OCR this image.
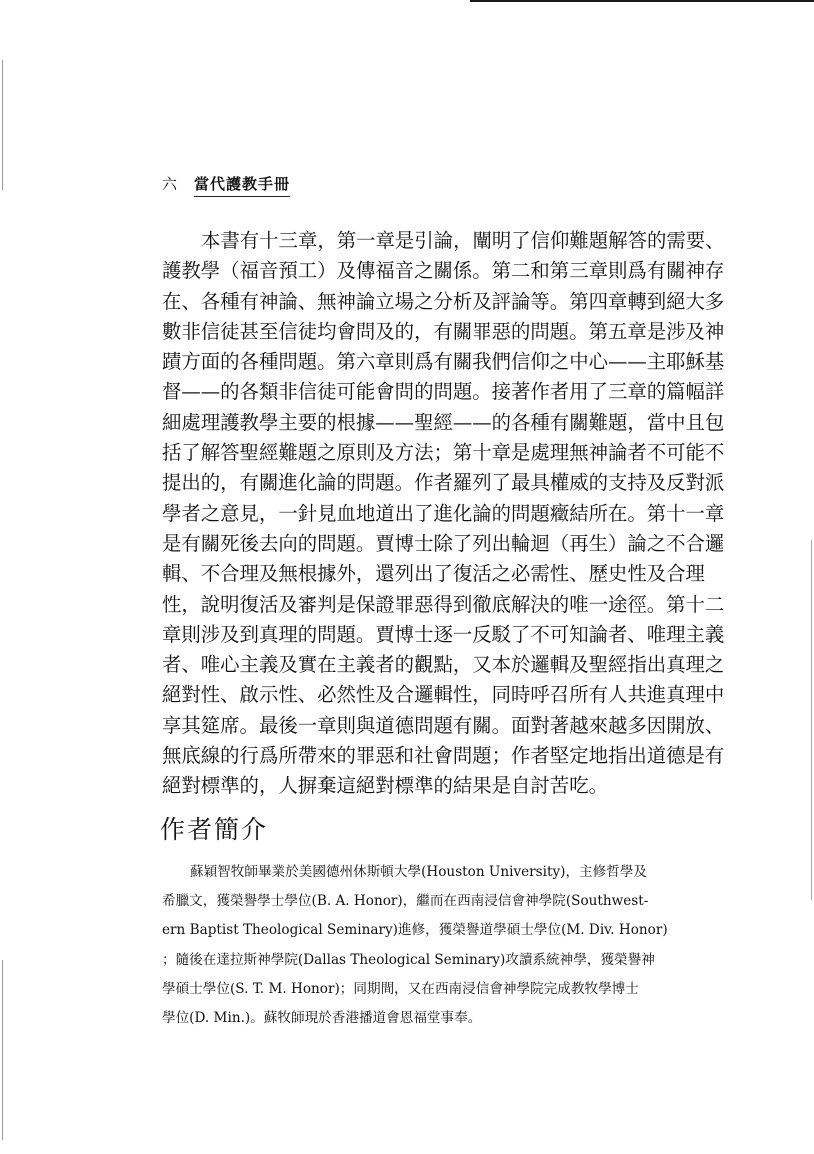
六 當代護教手冊
本書有十三章，第一章是引論，闡明了信仰難題解答的需要、
護教學（福音預工）及傳福音之關係。第二和第三章則爲有關神存
在、各種有神論、無神論立場之分析及評論等。第四章轉到絕大多
數非信徒甚至信徒均會問及的，有關罪惡的問題。第五章是涉及神
蹟方面的各種問題。第六章則爲有關我們信仰之中心——主耶穌基
督——的各類非信徒可能會問的問題。接著作者用了三章的篇幅詳
細處理護教學主要的根據——聖經——的各種有關難題，當中且包
括了解答聖經難題之原則及方法；第十章是處理無神論者不可能不
提出的，有關進化論的問題。作者羅列了最具權威的支持及反對派
學者之意見，一針見血地道出了進化論的問題癥結所在。第十一章
是有關死後去向的問題。賈博士除了列出輪迴（再生）論之不合邏
輯、不合理及無根據外，還列出了復活之必需性、歷史性及合理
性，說明復活及審判是保證罪惡得到徹底解決的唯一途徑。第十二
章則涉及到真理的問題。賈博士逐一反駁了不可知論者、唯理主義
者、唯心主義及實在主義者的觀點，又本於邏輯及聖經指出真理之
絕對性、啟示性、必然性及合邏輯性，同時呼召所有人共進真理中
享其筵席。最後一章則與道德問題有關。面對著越來越多因開放、
無底線的行爲所帶來的罪惡和社會問題；作者堅定地指出道德是有
絕對標準的，人摒棄這絕對標準的結果是自討苦吃。
作者簡介
蘇穎智牧師畢業於美國德州休斯頓大學(Houston University)，主修哲學及
希臘文，獲榮譽學士學位(B. A. Honor)，繼而在西南浸信會神學院(Southwest-
ern Baptist Theological Seminary)進修，獲榮譽道學碩士學位(M. Div. Honor)
；隨後在達拉斯神學院(Dallas Theological Seminary)攻讀系統神學，獲榮譽神
學碩士學位(S. T. M. Honor)；同期間，又在西南浸信會神學院完成教牧學博士
學位(D. Min.)。蘇牧師現於香港播道會恩福堂事奉。
